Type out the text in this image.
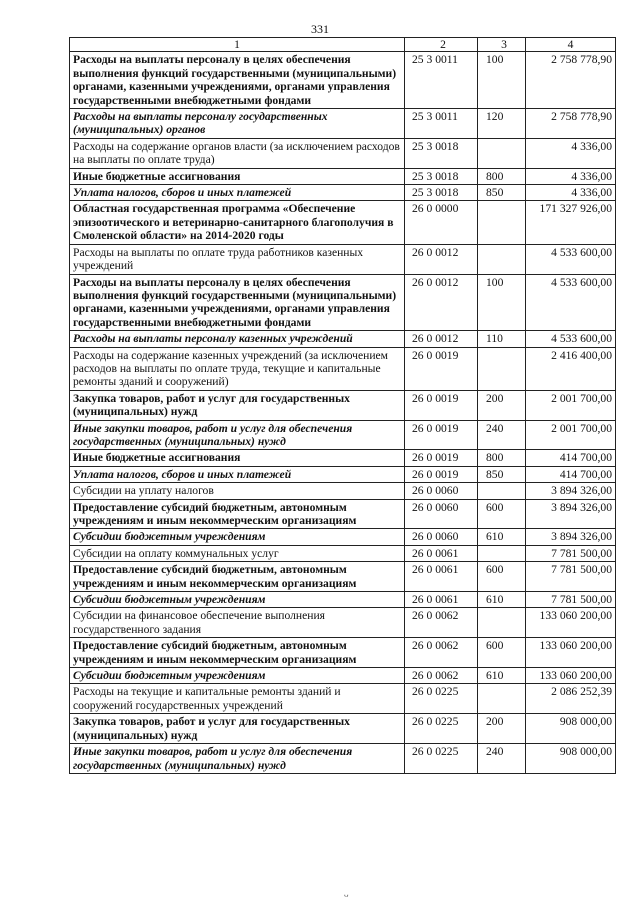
331
1	2	3	4
Расходы на выплаты персоналу в целях обеспечения выполнения функций государственными (муниципальными) органами, казенными учреждениями, органами управления государственными внебюджетными фондами	25 3 0011	100	2 758 778,90
Расходы на выплаты персоналу государственных (муниципальных) органов	25 3 0011	120	2 758 778,90
Расходы на содержание органов власти (за исключением расходов на выплаты по оплате труда)	25 3 0018		4 336,00
Иные бюджетные ассигнования	25 3 0018	800	4 336,00
Уплата налогов, сборов и иных платежей	25 3 0018	850	4 336,00
Областная государственная программа «Обеспечение эпизоотического и ветеринарно-санитарного благополучия в Смоленской области» на 2014-2020 годы	26 0 0000		171 327 926,00
Расходы на выплаты по оплате труда работников казенных учреждений	26 0 0012		4 533 600,00
Расходы на выплаты персоналу в целях обеспечения выполнения функций государственными (муниципальными) органами, казенными учреждениями, органами управления государственными внебюджетными фондами	26 0 0012	100	4 533 600,00
Расходы на выплаты персоналу казенных учреждений	26 0 0012	110	4 533 600,00
Расходы на содержание казенных учреждений (за исключением расходов на выплаты по оплате труда, текущие и капитальные ремонты зданий и сооружений)	26 0 0019		2 416 400,00
Закупка товаров, работ и услуг для государственных (муниципальных) нужд	26 0 0019	200	2 001 700,00
Иные закупки товаров, работ и услуг для обеспечения государственных (муниципальных) нужд	26 0 0019	240	2 001 700,00
Иные бюджетные ассигнования	26 0 0019	800	414 700,00
Уплата налогов, сборов и иных платежей	26 0 0019	850	414 700,00
Субсидии на уплату налогов	26 0 0060		3 894 326,00
Предоставление субсидий бюджетным, автономным учреждениям и иным некоммерческим организациям	26 0 0060	600	3 894 326,00
Субсидии бюджетным учреждениям	26 0 0060	610	3 894 326,00
Субсидии на оплату коммунальных услуг	26 0 0061		7 781 500,00
Предоставление субсидий бюджетным, автономным учреждениям и иным некоммерческим организациям	26 0 0061	600	7 781 500,00
Субсидии бюджетным учреждениям	26 0 0061	610	7 781 500,00
Субсидии на финансовое обеспечение выполнения государственного задания	26 0 0062		133 060 200,00
Предоставление субсидий бюджетным, автономным учреждениям и иным некоммерческим организациям	26 0 0062	600	133 060 200,00
Субсидии бюджетным учреждениям	26 0 0062	610	133 060 200,00
Расходы на текущие и капитальные ремонты зданий и сооружений государственных учреждений	26 0 0225		2 086 252,39
Закупка товаров, работ и услуг для государственных (муниципальных) нужд	26 0 0225	200	908 000,00
Иные закупки товаров, работ и услуг для обеспечения государственных (муниципальных) нужд	26 0 0225	240	908 000,00
ᴗ
